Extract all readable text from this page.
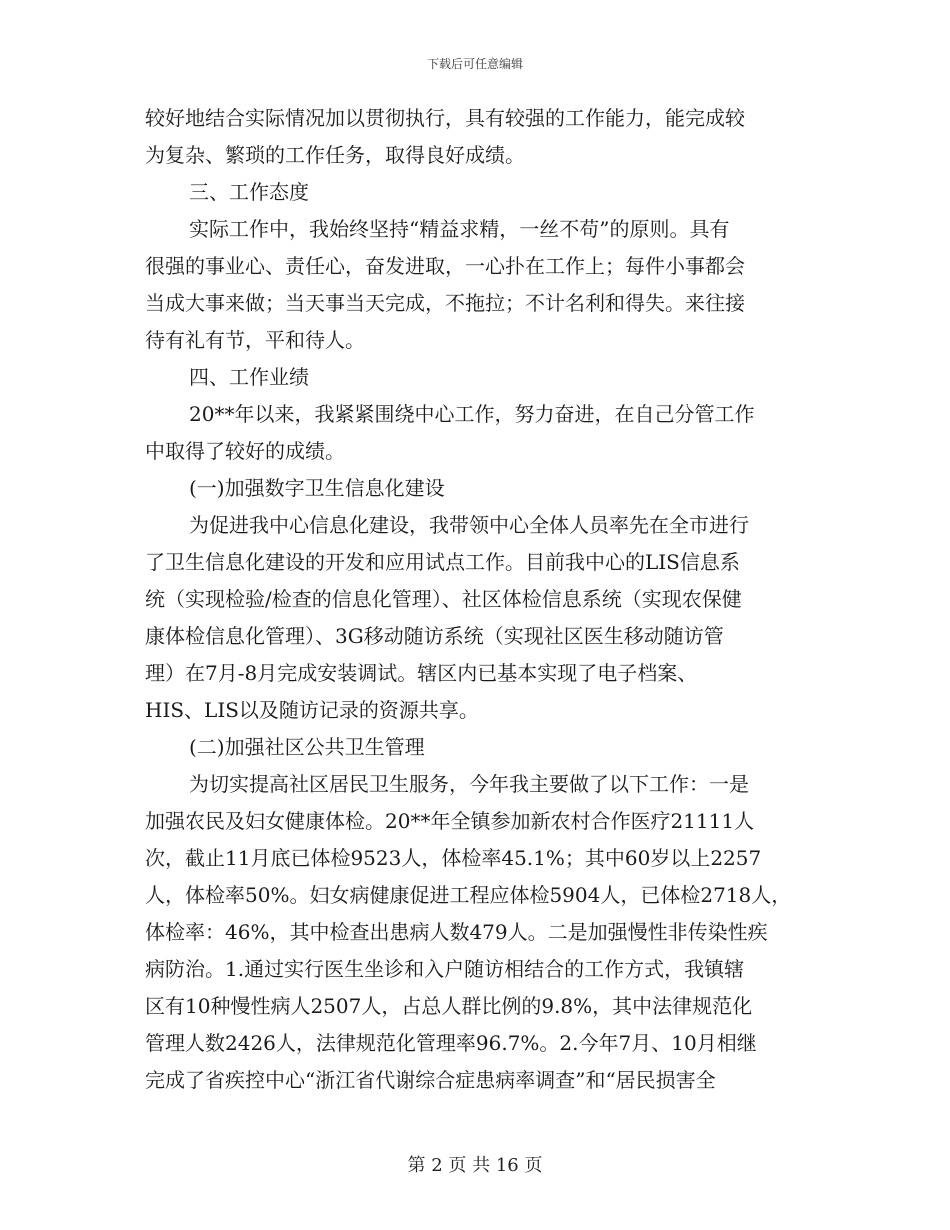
下载后可任意编辑
较好地结合实际情况加以贯彻执行，具有较强的工作能力，能完成较
为复杂、繁琐的工作任务，取得良好成绩。
三、工作态度
实际工作中，我始终坚持“精益求精，一丝不苟”的原则。具有
很强的事业心、责任心，奋发进取，一心扑在工作上；每件小事都会
当成大事来做；当天事当天完成，不拖拉；不计名利和得失。来往接
待有礼有节，平和待人。
四、工作业绩
20**年以来，我紧紧围绕中心工作，努力奋进，在自己分管工作
中取得了较好的成绩。
(一)加强数字卫生信息化建设
为促进我中心信息化建设，我带领中心全体人员率先在全市进行
了卫生信息化建设的开发和应用试点工作。目前我中心的LIS信息系
统（实现检验/检查的信息化管理）、社区体检信息系统（实现农保健
康体检信息化管理）、3G移动随访系统（实现社区医生移动随访管
理）在7月-8月完成安装调试。辖区内已基本实现了电子档案、
HIS、LIS以及随访记录的资源共享。
(二)加强社区公共卫生管理
为切实提高社区居民卫生服务，今年我主要做了以下工作：一是
加强农民及妇女健康体检。20**年全镇参加新农村合作医疗21111人
次，截止11月底已体检9523人，体检率45.1%；其中60岁以上2257
人，体检率50%。妇女病健康促进工程应体检5904人，已体检2718人，
体检率：46%，其中检查出患病人数479人。二是加强慢性非传染性疾
病防治。1.通过实行医生坐诊和入户随访相结合的工作方式，我镇辖
区有10种慢性病人2507人，占总人群比例的9.8%，其中法律规范化
管理人数2426人，法律规范化管理率96.7%。2.今年7月、10月相继
完成了省疾控中心“浙江省代谢综合症患病率调查”和“居民损害全
第 2 页 共 16 页
